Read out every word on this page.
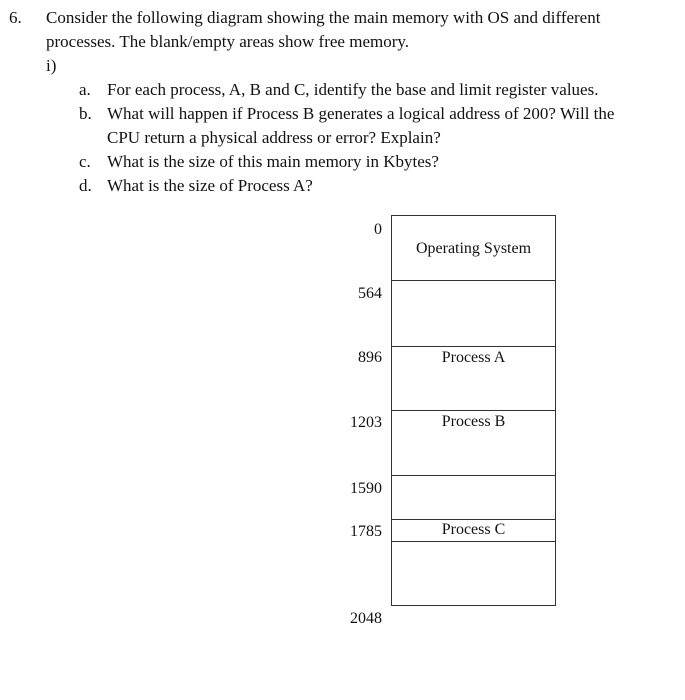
6. Consider the following diagram showing the main memory with OS and different
processes. The blank/empty areas show free memory.
i)
a. For each process, A, B and C, identify the base and limit register values.
b. What will happen if Process B generates a logical address of 200? Will the
CPU return a physical address or error? Explain?
c. What is the size of this main memory in Kbytes?
d. What is the size of Process A?
0
564
896
1203
1590
1785
2048
Operating System
Process A
Process B
Process C
